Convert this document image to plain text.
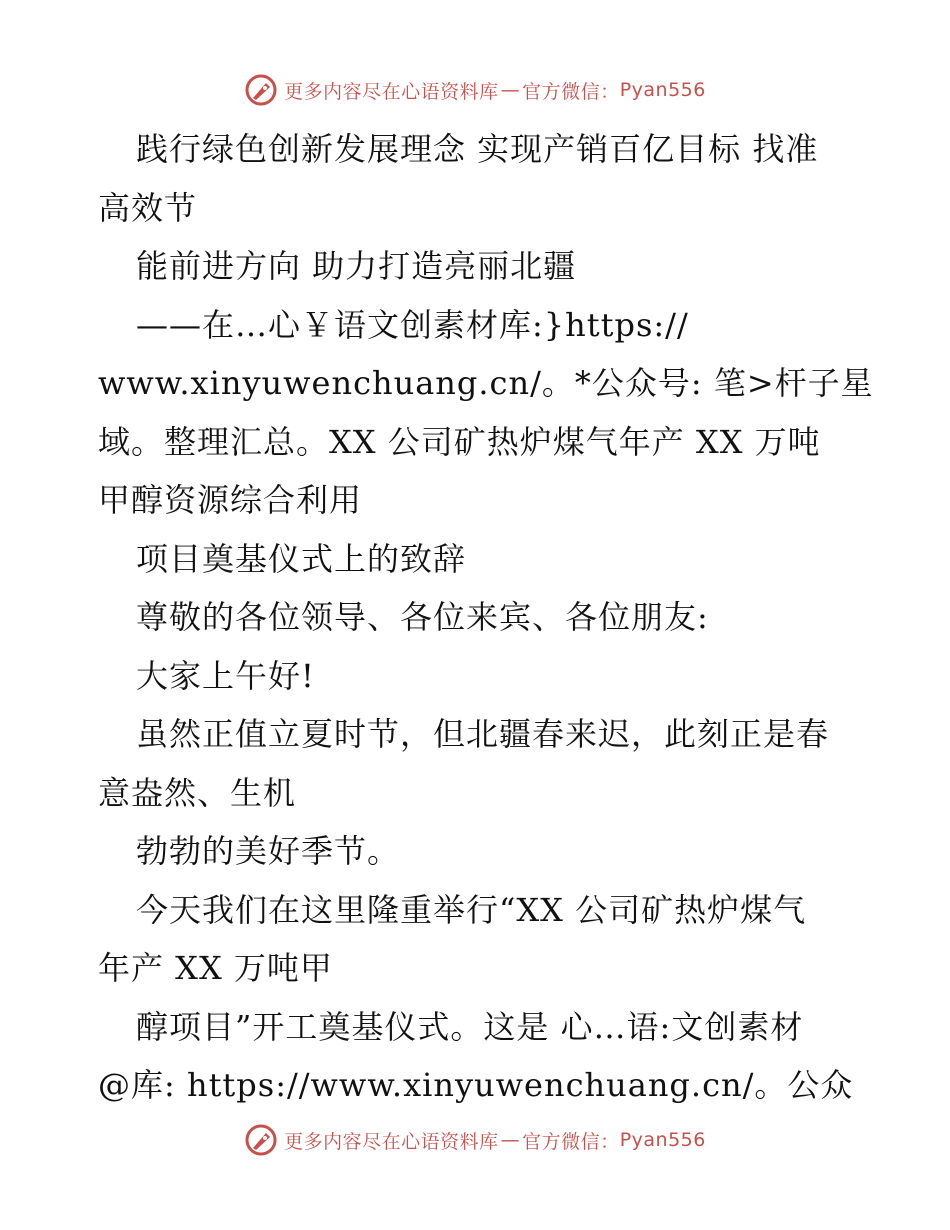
更多内容尽在心语资料库 — 官方微信： Pyan556
践行绿色创新发展理念 实现产销百亿目标 找准
高效节
能前进方向 助力打造亮丽北疆
——在…心￥语文创素材库:}https://
www.xinyuwenchuang.cn/。*公众号: 笔>杆子星
域。整理汇总。XX 公司矿热炉煤气年产 XX 万吨
甲醇资源综合利用
项目奠基仪式上的致辞
尊敬的各位领导、各位来宾、各位朋友:
大家上午好!
虽然正值立夏时节，但北疆春来迟，此刻正是春
意盎然、生机
勃勃的美好季节。
今天我们在这里隆重举行“XX 公司矿热炉煤气
年产 XX 万吨甲
醇项目”开工奠基仪式。这是 心…语:文创素材
@库: https://www.xinyuwenchuang.cn/。公众
更多内容尽在心语资料库 — 官方微信： Pyan556
